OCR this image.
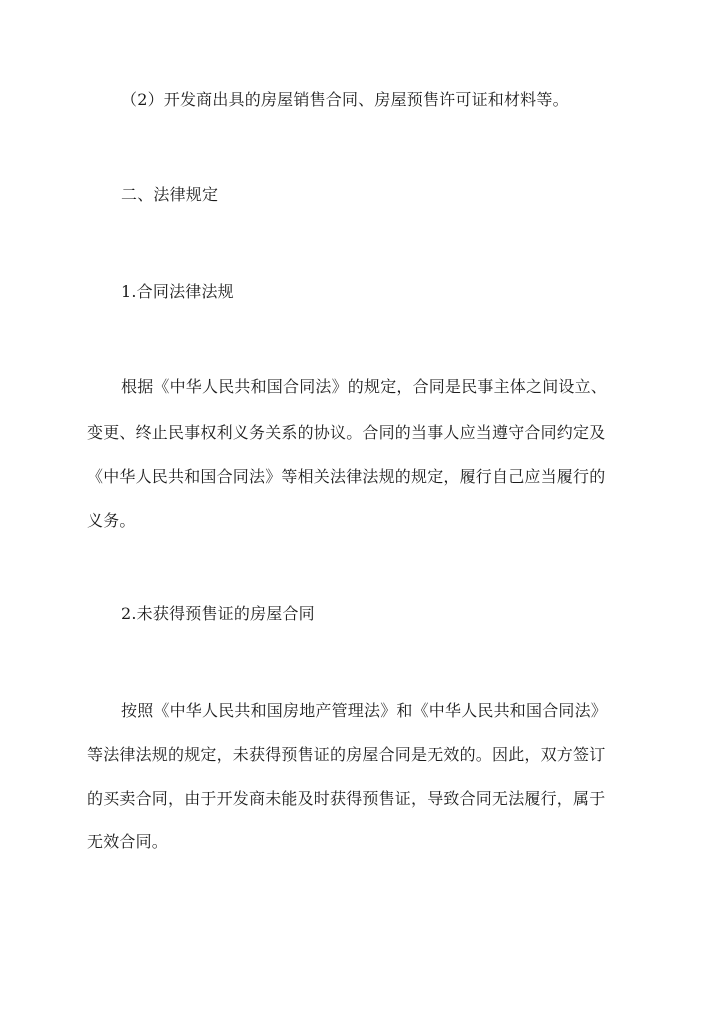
（2）开发商出具的房屋销售合同、房屋预售许可证和材料等。
二、法律规定
1.合同法律法规
根据《中华人民共和国合同法》的规定，合同是民事主体之间设立、
变更、终止民事权利义务关系的协议。合同的当事人应当遵守合同约定及
《中华人民共和国合同法》等相关法律法规的规定，履行自己应当履行的
义务。
2.未获得预售证的房屋合同
按照《中华人民共和国房地产管理法》和《中华人民共和国合同法》
等法律法规的规定，未获得预售证的房屋合同是无效的。因此，双方签订
的买卖合同，由于开发商未能及时获得预售证，导致合同无法履行，属于
无效合同。
